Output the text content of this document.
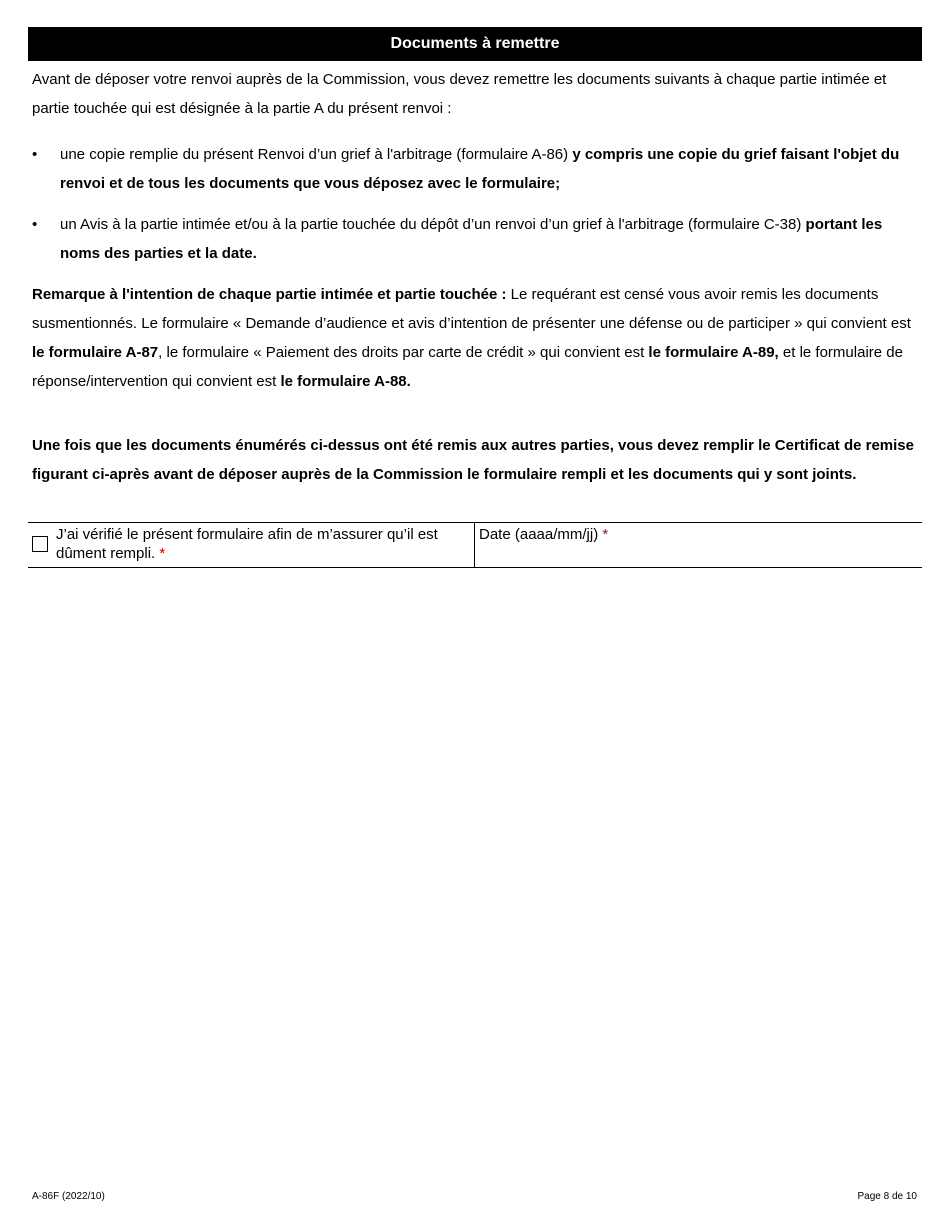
Documents à remettre

Avant de déposer votre renvoi auprès de la Commission, vous devez remettre les documents suivants à chaque partie intimée et partie touchée qui est désignée à la partie A du présent renvoi :

•	une copie remplie du présent Renvoi d’un grief à l'arbitrage (formulaire A-86) y compris une copie du grief faisant l'objet du renvoi et de tous les documents que vous déposez avec le formulaire;
•	un Avis à la partie intimée et/ou à la partie touchée du dépôt d’un renvoi d’un grief à l'arbitrage (formulaire C-38) portant les noms des parties et la date.

Remarque à l'intention de chaque partie intimée et partie touchée : Le requérant est censé vous avoir remis les documents susmentionnés. Le formulaire « Demande d’audience et avis d’intention de présenter une défense ou de participer » qui convient est le formulaire A-87, le formulaire « Paiement des droits par carte de crédit » qui convient est le formulaire A-89, et le formulaire de réponse/intervention qui convient est le formulaire A-88.

Une fois que les documents énumérés ci-dessus ont été remis aux autres parties, vous devez remplir le Certificat de remise figurant ci-après avant de déposer auprès de la Commission le formulaire rempli et les documents qui y sont joints.

J’ai vérifié le présent formulaire afin de m’assurer qu’il est dûment rempli. *
Date (aaaa/mm/jj) *
A-86F (2022/10)	Page 8 de 10
